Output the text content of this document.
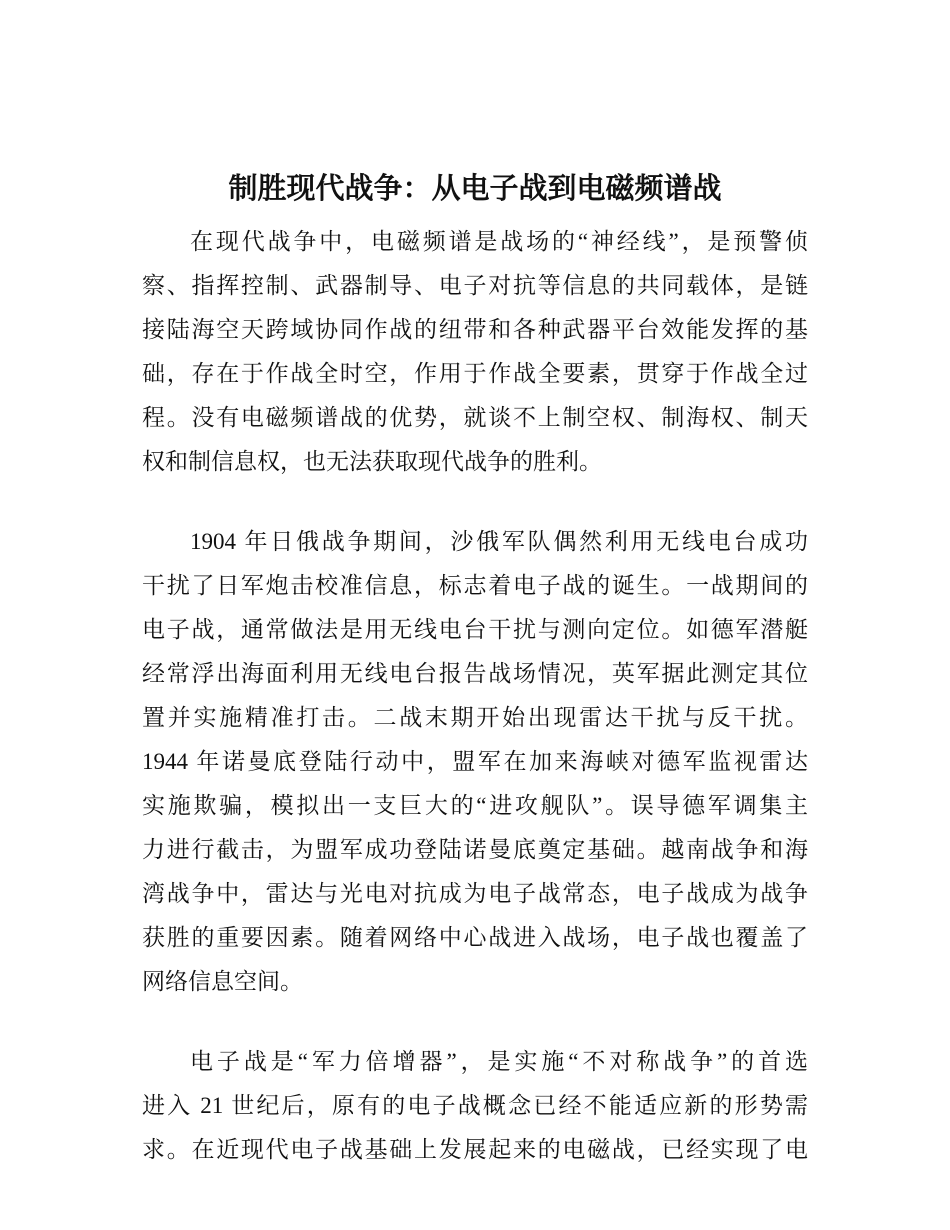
制胜现代战争：从电子战到电磁频谱战
在现代战争中，电磁频谱是战场的“神经线”，是预警侦
察、指挥控制、武器制导、电子对抗等信息的共同载体，是链
接陆海空天跨域协同作战的纽带和各种武器平台效能发挥的基
础，存在于作战全时空，作用于作战全要素，贯穿于作战全过
程。没有电磁频谱战的优势，就谈不上制空权、制海权、制天
权和制信息权，也无法获取现代战争的胜利。
1904 年日俄战争期间，沙俄军队偶然利用无线电台成功
干扰了日军炮击校准信息，标志着电子战的诞生。一战期间的
电子战，通常做法是用无线电台干扰与测向定位。如德军潜艇
经常浮出海面利用无线电台报告战场情况，英军据此测定其位
置并实施精准打击。二战末期开始出现雷达干扰与反干扰。
1944 年诺曼底登陆行动中，盟军在加来海峡对德军监视雷达
实施欺骗，模拟出一支巨大的“进攻舰队”。误导德军调集主
力进行截击，为盟军成功登陆诺曼底奠定基础。越南战争和海
湾战争中，雷达与光电对抗成为电子战常态，电子战成为战争
获胜的重要因素。随着网络中心战进入战场，电子战也覆盖了
网络信息空间。
电子战是“军力倍增器”，是实施“不对称战争”的首选
进入 21 世纪后，原有的电子战概念已经不能适应新的形势需
求。在近现代电子战基础上发展起来的电磁战，已经实现了电
